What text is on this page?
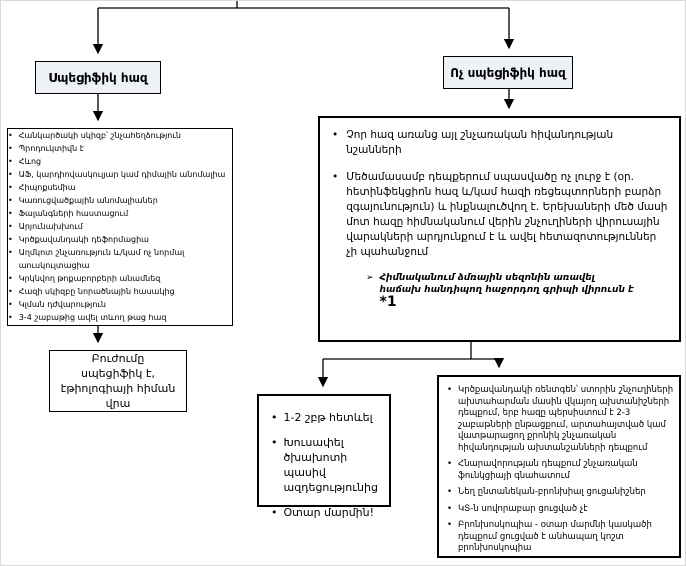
Սպեցիֆիկ հազ	Ոչ սպեցիֆիկ հազ
• Հանկարծակի սկիզբ՝ շնչահեղձություն
• Պրոդուկտիվն է
• Հևոց
• ԱՖ, կարդիովասկուլյար կամ դիմային անոմալիա
• Հիպոքսեմիա
• Կառուցվածքային անոմալիաներ
• Ֆալանգների հաստացում
• Արյունախխում
• Կրծքավանդակի դեֆորմացիա
• Աղմկոտ շնչառություն և/կամ ոչ նորմալ աուսկուլտացիա
• Կրկնվող թոքաբորբերի անամնեզ
• Հազի սկիզբը նորածնային հասակից
• Կլման դժվարություն
• 3-4 շաբաթից ավել տևող թաց հազ
• Չոր հազ առանց այլ շնչառական հիվանդության նշանների
• Մեծամասամբ դեպքերում սպասվածը ոչ լուրջ է (օր. հետինֆեկցիոն հազ և/կամ հազի ռեցեպտորների բարձր զգայունություն) և ինքնալուծվող է. Երեխաների մեծ մասի մոտ հազը հիմնականում վերին շնչուղիների վիրուսային վարակների արդյունքում է և ավել հետազոտություններ չի պահանջում
➢ Հիմնականում ձմռային սեզոնին առավել հաճախ հանդիպող հաջորդող գրիպի վիրուսն է *1
Բուժումը սպեցիֆիկ է, էթիոլոգիայի հիման վրա
• 1-2 շբթ հետևել
• Խուսափել ծխախոտի պասիվ ազդեցությունից
• Օտար մարմին!
• Կրծքավանդակի ռենտգեն՝ ստորին շնչուղիների ախտահարման մասին վկայող ախտանիշների դեպքում, երբ հազը պերսիստում է 2-3 շաբաթների ընթացքում, արտահայտված կամ վատթարացող քրոնիկ շնչառական հիվանդության ախտանշանների դեպքում
• Հնարավորության դեպքում շնչառական ֆունկցիայի գնահատում
• Նեղ ընտանեկան-բրոնխիալ ցուցանիշներ
• ԿՏ-ն սովորաբար ցուցված չէ
• Բրոնխոսկոպիա - օտար մարմնի կասկածի դեպքում ցուցված է անհապաղ կոշտ բրոնխոսկոպիա
